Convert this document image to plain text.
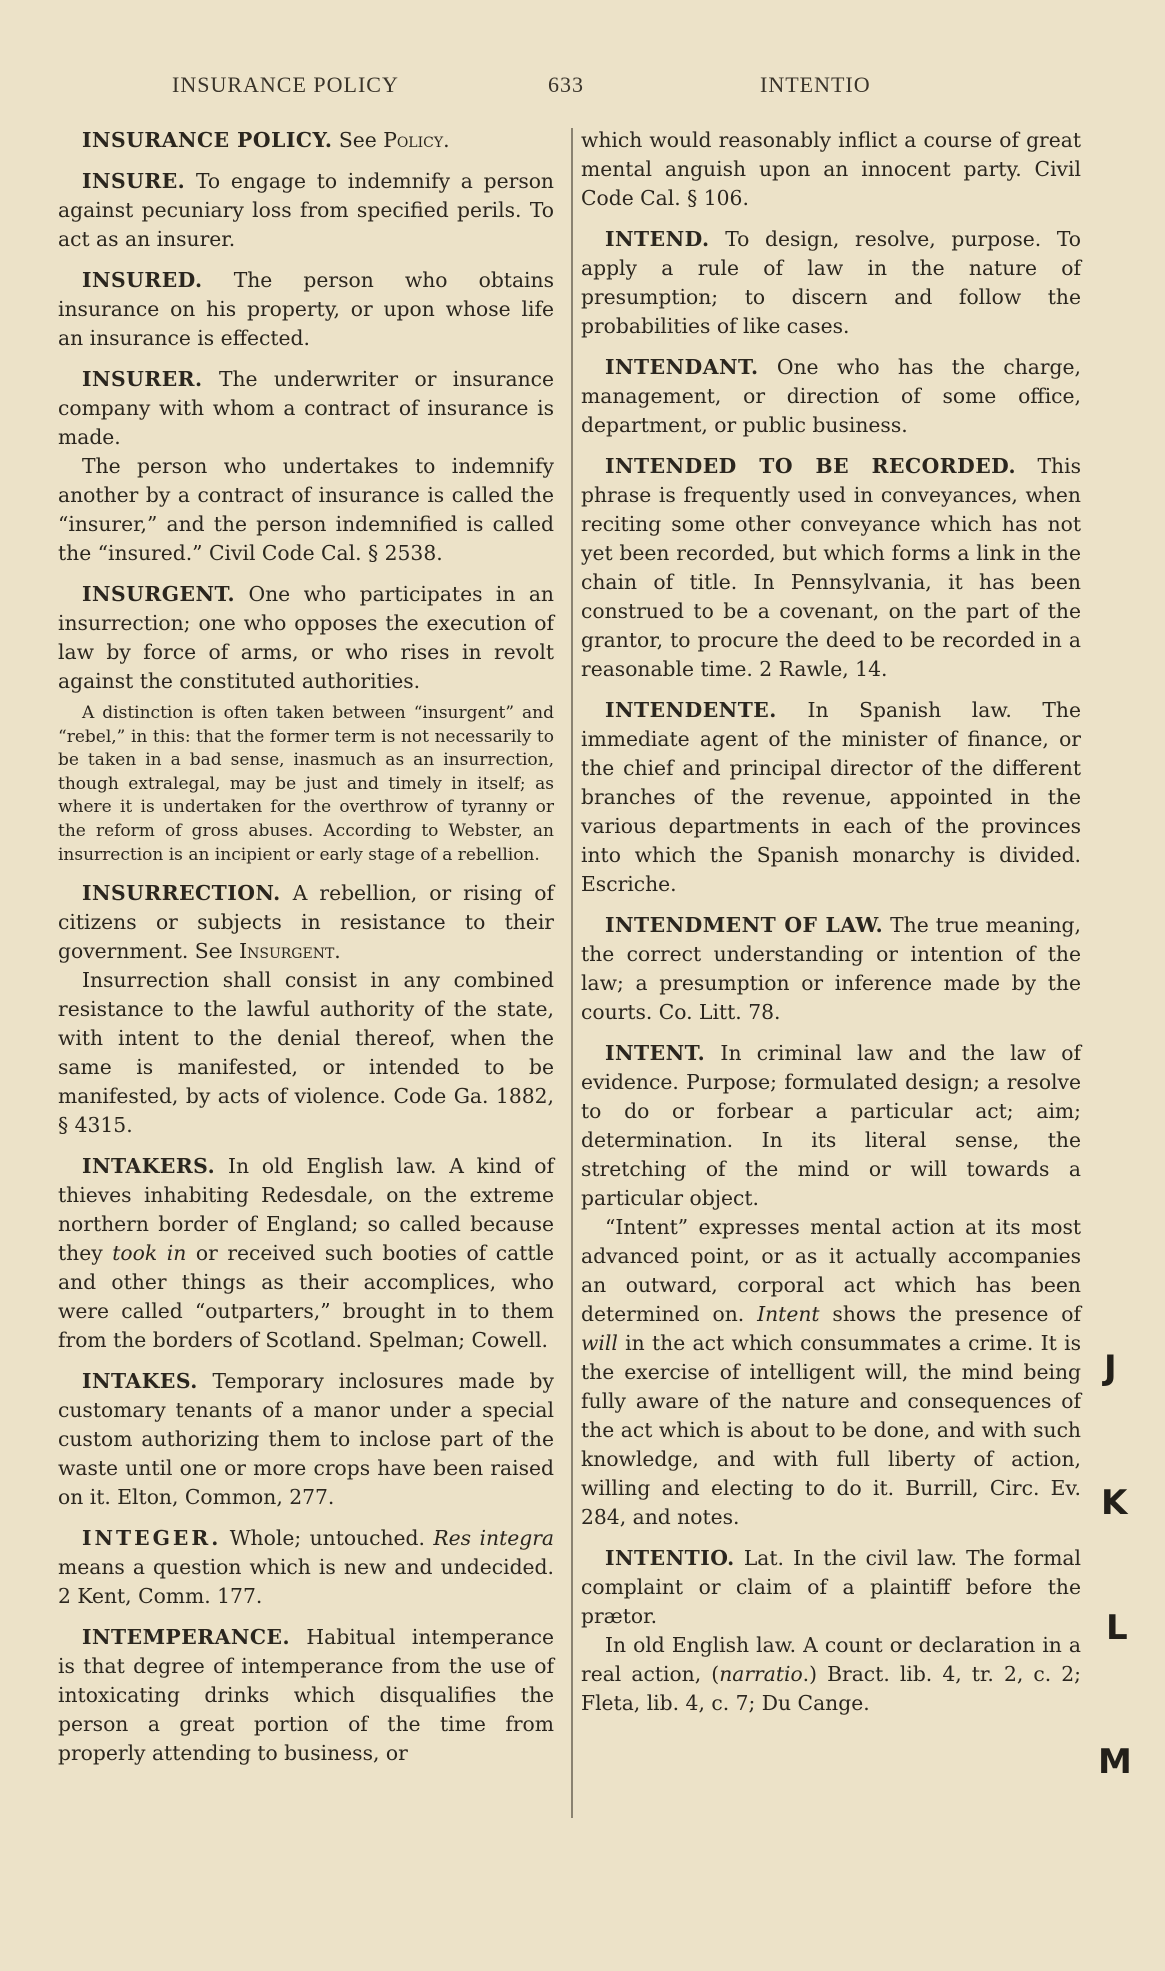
INSURANCE POLICY	633	INTENTIO

INSURANCE POLICY. See Policy.

INSURE. To engage to indemnify a person against pecuniary loss from specified perils. To act as an insurer.

INSURED. The person who obtains insurance on his property, or upon whose life an insurance is effected.

INSURER. The underwriter or insurance company with whom a contract of insurance is made.

The person who undertakes to indemnify another by a contract of insurance is called the “insurer,” and the person indemnified is called the “insured.” Civil Code Cal. § 2538.

INSURGENT. One who participates in an insurrection; one who opposes the execution of law by force of arms, or who rises in revolt against the constituted authorities.

A distinction is often taken between “insurgent” and “rebel,” in this: that the former term is not necessarily to be taken in a bad sense, inasmuch as an insurrection, though extralegal, may be just and timely in itself; as where it is undertaken for the overthrow of tyranny or the reform of gross abuses. According to Webster, an insurrection is an incipient or early stage of a rebellion.

INSURRECTION. A rebellion, or rising of citizens or subjects in resistance to their government. See Insurgent.

Insurrection shall consist in any combined resistance to the lawful authority of the state, with intent to the denial thereof, when the same is manifested, or intended to be manifested, by acts of violence. Code Ga. 1882, § 4315.

INTAKERS. In old English law. A kind of thieves inhabiting Redesdale, on the extreme northern border of England; so called because they took in or received such booties of cattle and other things as their accomplices, who were called “outparters,” brought in to them from the borders of Scotland. Spelman; Cowell.

INTAKES. Temporary inclosures made by customary tenants of a manor under a special custom authorizing them to inclose part of the waste until one or more crops have been raised on it. Elton, Common, 277.

INTEGER. Whole; untouched. Res integra means a question which is new and undecided. 2 Kent, Comm. 177.

INTEMPERANCE. Habitual intemperance is that degree of intemperance from the use of intoxicating drinks which disqualifies the person a great portion of the time from properly attending to business, or

which would reasonably inflict a course of great mental anguish upon an innocent party. Civil Code Cal. § 106.

INTEND. To design, resolve, purpose. To apply a rule of law in the nature of presumption; to discern and follow the probabilities of like cases.

INTENDANT. One who has the charge, management, or direction of some office, department, or public business.

INTENDED TO BE RECORDED. This phrase is frequently used in conveyances, when reciting some other conveyance which has not yet been recorded, but which forms a link in the chain of title. In Pennsylvania, it has been construed to be a covenant, on the part of the grantor, to procure the deed to be recorded in a reasonable time. 2 Rawle, 14.

INTENDENTE. In Spanish law. The immediate agent of the minister of finance, or the chief and principal director of the different branches of the revenue, appointed in the various departments in each of the provinces into which the Spanish monarchy is divided. Escriche.

INTENDMENT OF LAW. The true meaning, the correct understanding or intention of the law; a presumption or inference made by the courts. Co. Litt. 78.

INTENT. In criminal law and the law of evidence. Purpose; formulated design; a resolve to do or forbear a particular act; aim; determination. In its literal sense, the stretching of the mind or will towards a particular object.

“Intent” expresses mental action at its most advanced point, or as it actually accompanies an outward, corporal act which has been determined on. Intent shows the presence of will in the act which consummates a crime. It is the exercise of intelligent will, the mind being fully aware of the nature and consequences of the act which is about to be done, and with such knowledge, and with full liberty of action, willing and electing to do it. Burrill, Circ. Ev. 284, and notes.

INTENTIO. Lat. In the civil law. The formal complaint or claim of a plaintiff before the prætor.

In old English law. A count or declaration in a real action, (narratio.) Bract. lib. 4, tr. 2, c. 2; Fleta, lib. 4, c. 7; Du Cange.

J
K
L
M
